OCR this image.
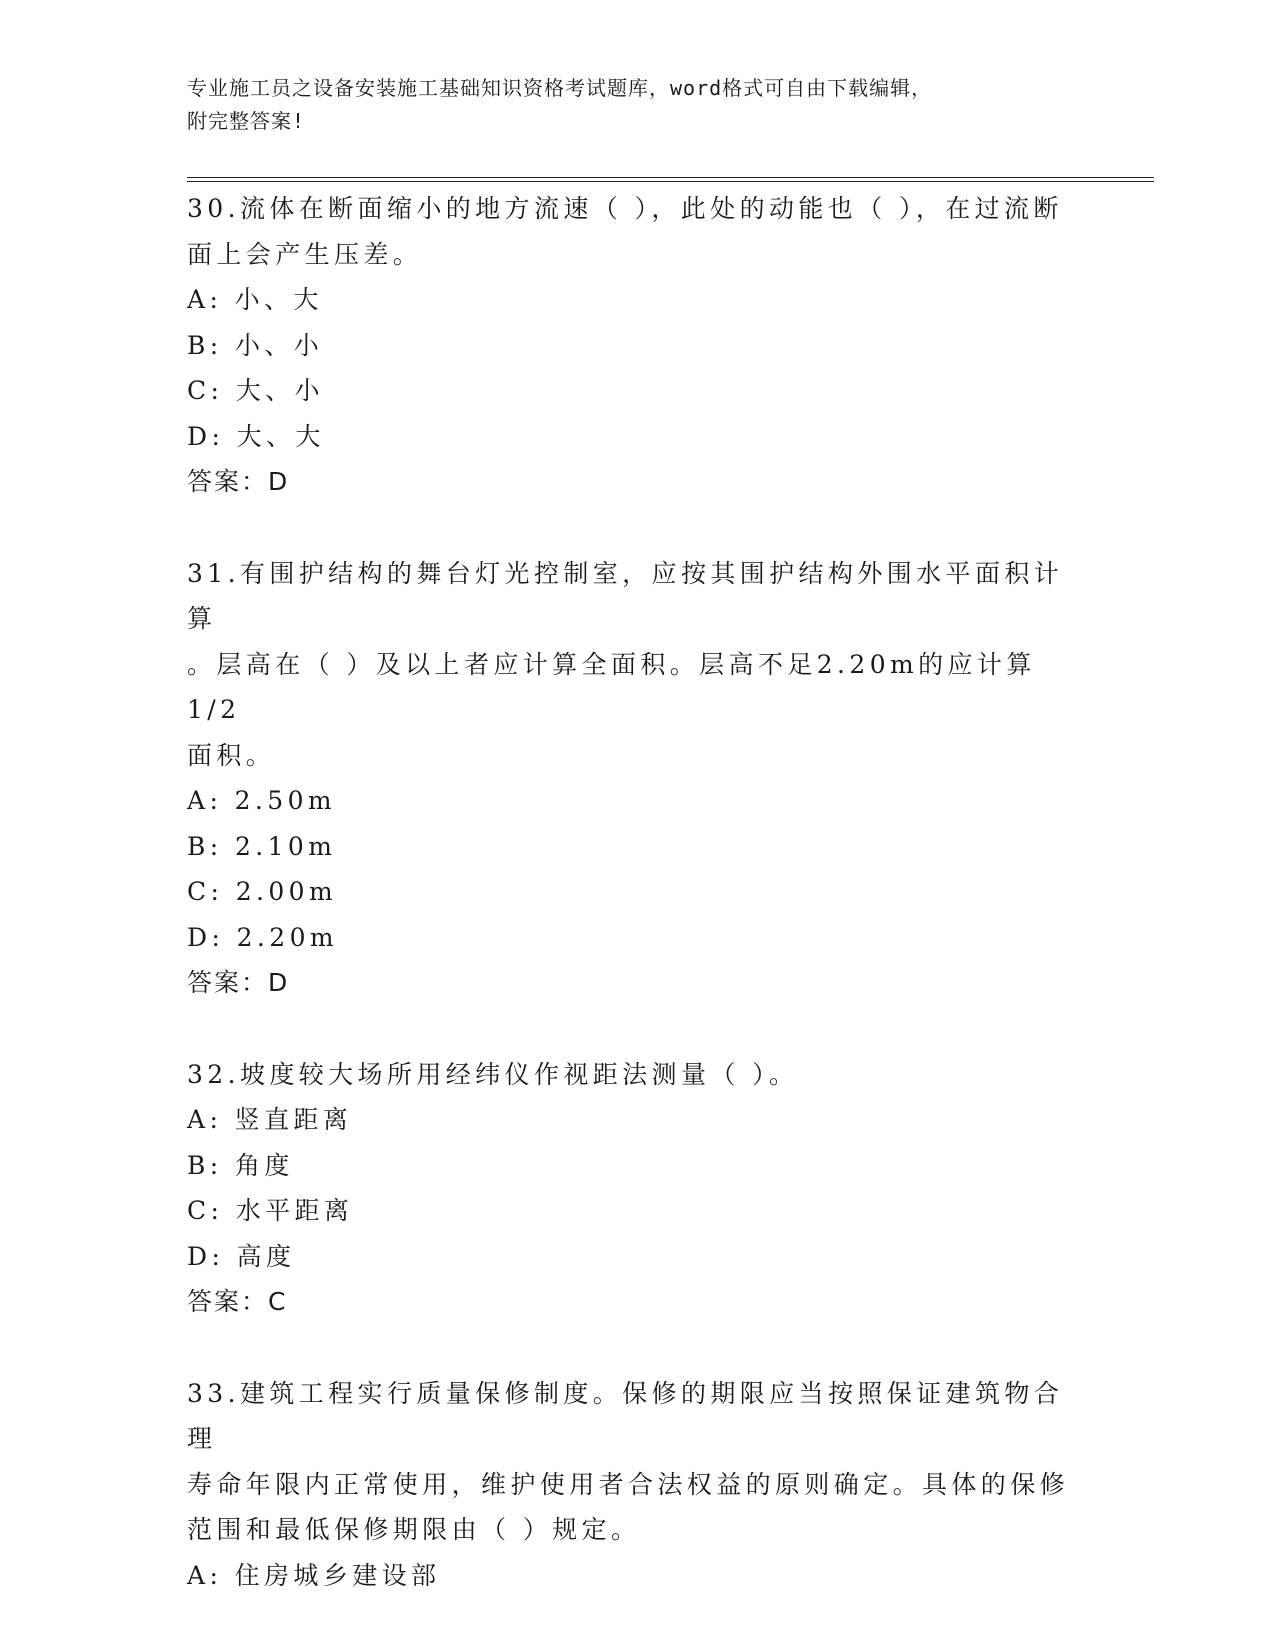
专业施工员之设备安装施工基础知识资格考试题库，word格式可自由下载编辑，
附完整答案!

30.流体在断面缩小的地方流速（ ），此处的动能也（ ），在过流断

面上会产生压差。

A: 小、大

B: 小、小

C: 大、小

D: 大、大

答案：D

31.有围护结构的舞台灯光控制室，应按其围护结构外围水平面积计算

。层高在（ ）及以上者应计算全面积。层高不足2.20m的应计算1/2

面积。

A: 2.50m

B: 2.10m

C: 2.00m

D: 2.20m

答案：D

32.坡度较大场所用经纬仪作视距法测量（ ）。

A: 竖直距离

B: 角度

C: 水平距离

D: 高度

答案：C

33.建筑工程实行质量保修制度。保修的期限应当按照保证建筑物合理

寿命年限内正常使用，维护使用者合法权益的原则确定。具体的保修

范围和最低保修期限由（ ）规定。

A: 住房城乡建设部
